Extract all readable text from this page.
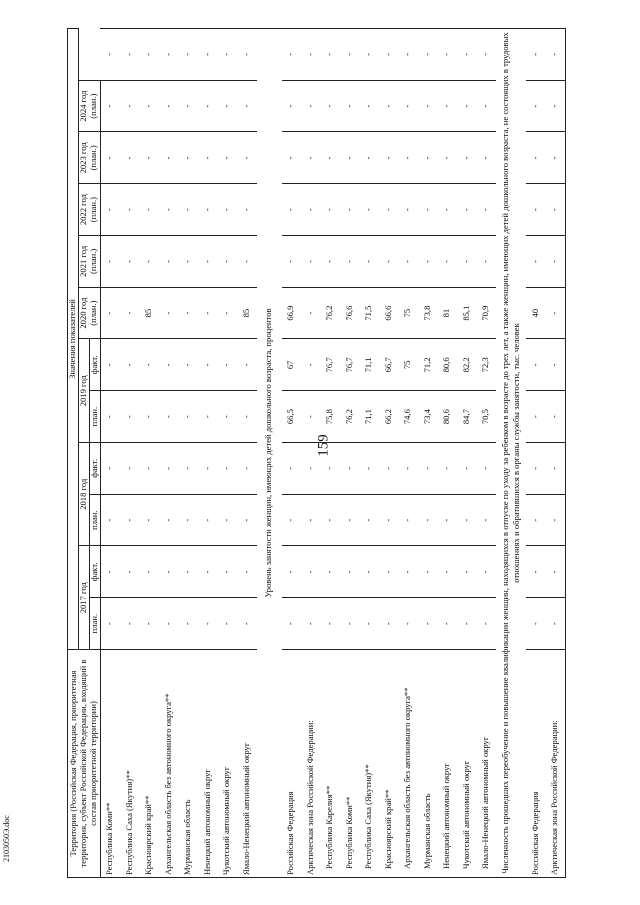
159
2103050Э.doc	Территория (Российская Федерация, приоритетная территория, субъект Российской Федерации, входящий в состав приоритетной территории)	Значения показателей											
	2017 год		2018 год		2019 год		2020 год (план.)	2021 год (план.)	2022 год (план.)	2023 год (план.)	2024 год (план.)	
	план.	факт.	план.	факт.	план.	факт.						
Республика Коми**	-	-	-	-	-	-	-	-	-	-	-	-
Республика Саха (Якутия)**	-	-	-	-	-	-	-	-	-	-	-	-
Красноярский край**	-	-	-	-	-	-	85	-	-	-	-	-
Архангельская область без автономного округа**	-	-	-	-	-	-	-	-	-	-	-	-
Мурманская область	-	-	-	-	-	-	-	-	-	-	-	-
Ненецкий автономный округ	-	-	-	-	-	-	-	-	-	-	-	-
Чукотский автономный округ	-	-	-	-	-	-	-	-	-	-	-	-
Ямало-Ненецкий автономный округ	-	-	-	-	-	-	85	-	-	-	-	-
Уровень занятости женщин, имеющих детей дошкольного возраста, процентов												
Российская Федерация	-	-	-	-	66,5	67	66,9	-	-	-	-	-
Арктическая зона Российской Федерации:	-	-	-	-	-	-	-	-	-	-	-	-
Республика Карелия**	-	-	-	-	75,8	76,7	76,2	-	-	-	-	-
Республика Коми**	-	-	-	-	76,2	76,7	76,6	-	-	-	-	-
Республика Саха (Якутия)**	-	-	-	-	71,1	71,1	71,5	-	-	-	-	-
Красноярский край**	-	-	-	-	66,2	66,7	66,6	-	-	-	-	-
Архангельская область без автономного округа**	-	-	-	-	74,6	75	75	-	-	-	-	-
Мурманская область	-	-	-	-	73,4	71,2	73,8	-	-	-	-	-
Ненецкий автономный округ	-	-	-	-	80,6	80,6	81	-	-	-	-	-
Чукотский автономный округ	-	-	-	-	84,7	82,2	85,1	-	-	-	-	-
Ямало-Ненецкий автономный округ	-	-	-	-	70,5	72,3	70,9	-	-	-	-	-
Численность прошедших переобучение и повышение квалификации женщин, находящихся в отпуске по уходу за ребенком в возрасте до трех лет, а также женщин, имеющих детей дошкольного возраста, не состоящих в трудовых отношениях и обратившихся в органы службы занятости, тыс. человек												
Российская Федерация	-	-	-	-	-	-	40	-	-	-	-	-
Арктическая зона Российской Федерации:	-	-	-	-	-	-	-	-	-	-	-	-
